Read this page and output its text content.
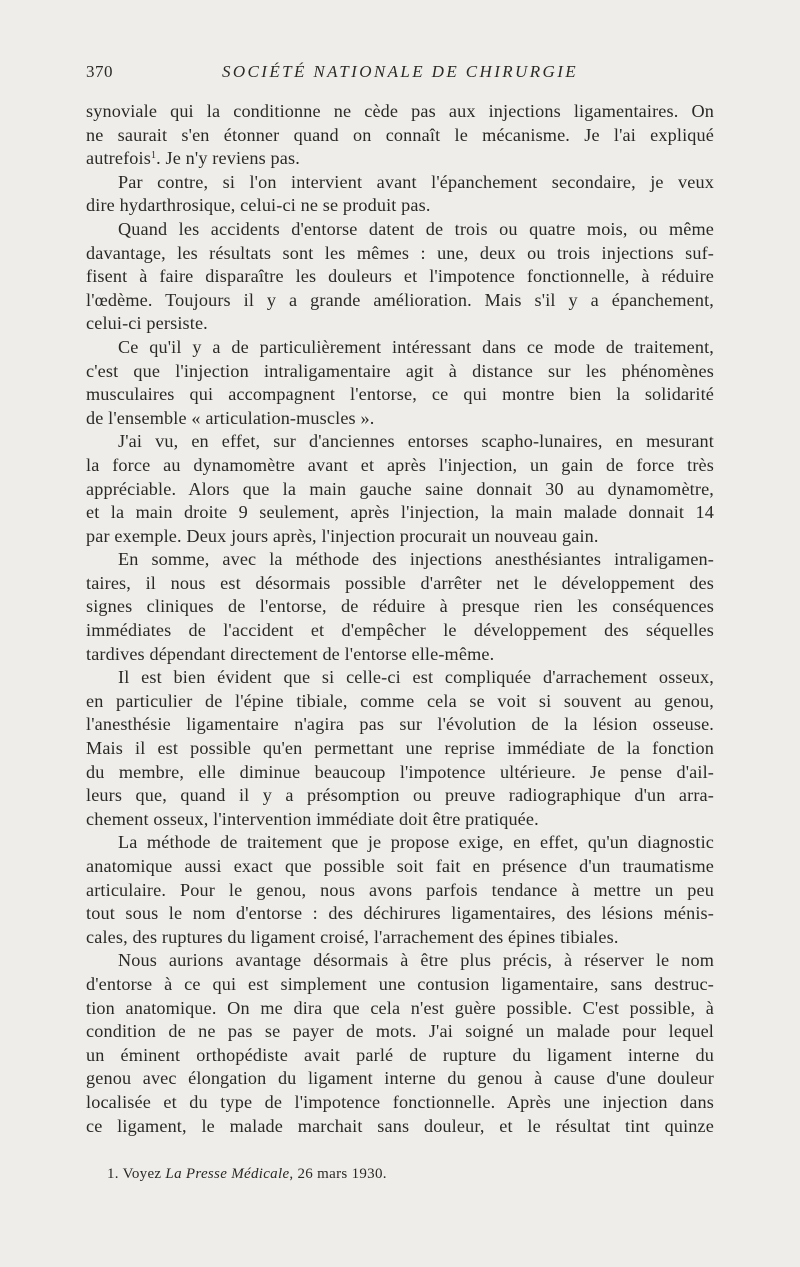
370	SOCIÉTÉ NATIONALE DE CHIRURGIE
synoviale qui la conditionne ne cède pas aux injections ligamentaires. On
ne saurait s'en étonner quand on connaît le mécanisme. Je l'ai expliqué
autrefois$^1$. Je n'y reviens pas.
Par contre, si l'on intervient avant l'épanchement secondaire, je veux
dire hydarthrosique, celui-ci ne se produit pas.
Quand les accidents d'entorse datent de trois ou quatre mois, ou même
davantage, les résultats sont les mêmes : une, deux ou trois injections suf-
fisent à faire disparaître les douleurs et l'impotence fonctionnelle, à réduire
l'œdème. Toujours il y a grande amélioration. Mais s'il y a épanchement,
celui-ci persiste.
Ce qu'il y a de particulièrement intéressant dans ce mode de traitement,
c'est que l'injection intraligamentaire agit à distance sur les phénomènes
musculaires qui accompagnent l'entorse, ce qui montre bien la solidarité
de l'ensemble « articulation-muscles ».
J'ai vu, en effet, sur d'anciennes entorses scapho-lunaires, en mesurant
la force au dynamomètre avant et après l'injection, un gain de force très
appréciable. Alors que la main gauche saine donnait 30 au dynamomètre,
et la main droite 9 seulement, après l'injection, la main malade donnait 14
par exemple. Deux jours après, l'injection procurait un nouveau gain.
En somme, avec la méthode des injections anesthésiantes intraligamen-
taires, il nous est désormais possible d'arrêter net le développement des
signes cliniques de l'entorse, de réduire à presque rien les conséquences
immédiates de l'accident et d'empêcher le développement des séquelles
tardives dépendant directement de l'entorse elle-même.
Il est bien évident que si celle-ci est compliquée d'arrachement osseux,
en particulier de l'épine tibiale, comme cela se voit si souvent au genou,
l'anesthésie ligamentaire n'agira pas sur l'évolution de la lésion osseuse.
Mais il est possible qu'en permettant une reprise immédiate de la fonction
du membre, elle diminue beaucoup l'impotence ultérieure. Je pense d'ail-
leurs que, quand il y a présomption ou preuve radiographique d'un arra-
chement osseux, l'intervention immédiate doit être pratiquée.
La méthode de traitement que je propose exige, en effet, qu'un diagnostic
anatomique aussi exact que possible soit fait en présence d'un traumatisme
articulaire. Pour le genou, nous avons parfois tendance à mettre un peu
tout sous le nom d'entorse : des déchirures ligamentaires, des lésions ménis-
cales, des ruptures du ligament croisé, l'arrachement des épines tibiales.
Nous aurions avantage désormais à être plus précis, à réserver le nom
d'entorse à ce qui est simplement une contusion ligamentaire, sans destruc-
tion anatomique. On me dira que cela n'est guère possible. C'est possible, à
condition de ne pas se payer de mots. J'ai soigné un malade pour lequel
un éminent orthopédiste avait parlé de rupture du ligament interne du
genou avec élongation du ligament interne du genou à cause d'une douleur
localisée et du type de l'impotence fonctionnelle. Après une injection dans
ce ligament, le malade marchait sans douleur, et le résultat tint quinze
1. Voyez La Presse Médicale, 26 mars 1930.
